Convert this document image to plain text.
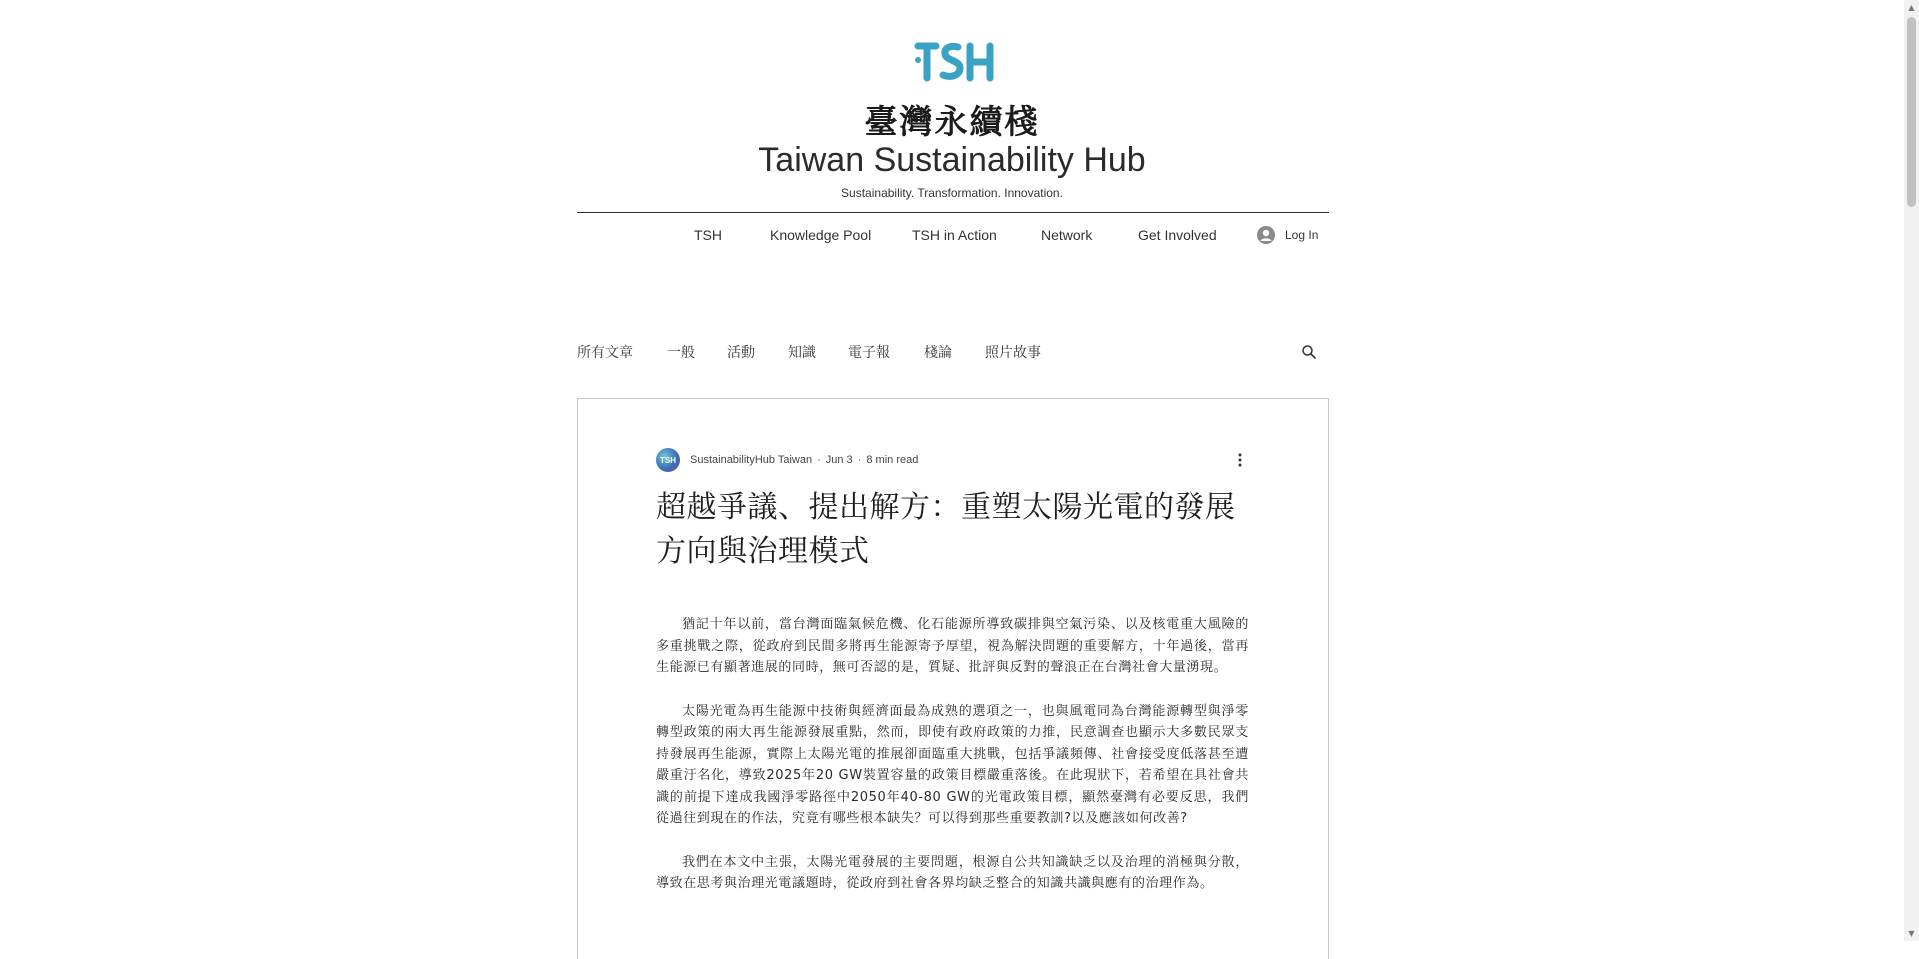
臺灣永續棧
Taiwan Sustainability Hub
Sustainability. Transformation. Innovation.
TSH	Knowledge Pool	TSH in Action	Network	Get Involved	Log In
所有文章 一般 活動 知識 電子報 棧論 照片故事
TSH SustainabilityHub Taiwan · Jun 3 · 8 min read
超越爭議、提出解方：重塑太陽光電的發展方向與治理模式

猶記十年以前，當台灣面臨氣候危機、化石能源所導致碳排與空氣污染、以及核電重大風險的多重挑戰之際，從政府到民間多將再生能源寄予厚望，視為解決問題的重要解方，十年過後，當再生能源已有顯著進展的同時，無可否認的是，質疑、批評與反對的聲浪正在台灣社會大量湧現。

太陽光電為再生能源中技術與經濟面最為成熟的選項之一，也與風電同為台灣能源轉型與淨零轉型政策的兩大再生能源發展重點，然而，即使有政府政策的力推，民意調查也顯示大多數民眾支持發展再生能源，實際上太陽光電的推展卻面臨重大挑戰，包括爭議頻傳、社會接受度低落甚至遭嚴重汙名化，導致2025年20 GW裝置容量的政策目標嚴重落後。在此現狀下，若希望在具社會共識的前提下達成我國淨零路徑中2050年40-80 GW的光電政策目標，顯然臺灣有必要反思，我們從過往到現在的作法，究竟有哪些根本缺失？可以得到那些重要教訓?以及應該如何改善?

我們在本文中主張，太陽光電發展的主要問題，根源自公共知識缺乏以及治理的消極與分散，導致在思考與治理光電議題時，從政府到社會各界均缺乏整合的知識共識與應有的治理作為。

▲
▼
